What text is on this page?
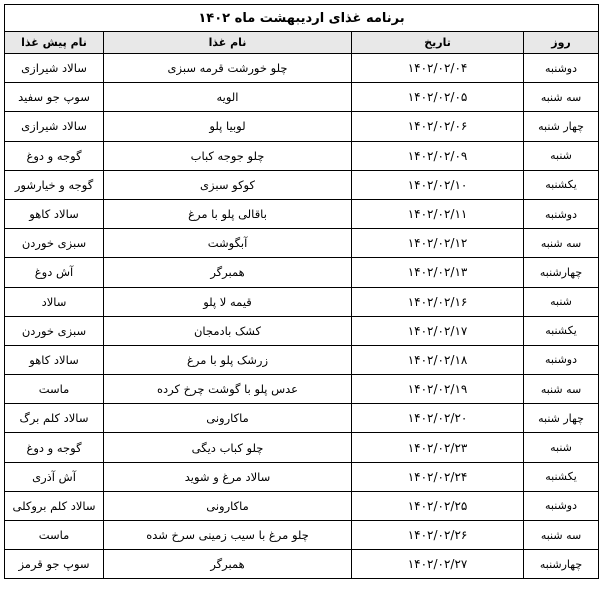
برنامه غذای اردیبهشت ماه ۱۴۰۲			
روز	تاریخ	نام غذا	نام پیش غذا
دوشنبه	۱۴۰۲/۰۲/۰۴	چلو خورشت قرمه سبزی	سالاد شیرازی
سه شنبه	۱۴۰۲/۰۲/۰۵	الویه	سوپ جو سفید
چهار شنبه	۱۴۰۲/۰۲/۰۶	لوبیا پلو	سالاد شیرازی
شنبه	۱۴۰۲/۰۲/۰۹	چلو جوجه کباب	گوجه و دوغ
یکشنبه	۱۴۰۲/۰۲/۱۰	کوکو سبزی	گوجه و خیارشور
دوشنبه	۱۴۰۲/۰۲/۱۱	باقالی پلو با مرغ	سالاد کاهو
سه شنبه	۱۴۰۲/۰۲/۱۲	آبگوشت	سبزی خوردن
چهارشنبه	۱۴۰۲/۰۲/۱۳	همبرگر	آش دوغ
شنبه	۱۴۰۲/۰۲/۱۶	قیمه لا پلو	سالاد
یکشنبه	۱۴۰۲/۰۲/۱۷	کشک بادمجان	سبزی خوردن
دوشنبه	۱۴۰۲/۰۲/۱۸	زرشک پلو با مرغ	سالاد کاهو
سه شنبه	۱۴۰۲/۰۲/۱۹	عدس پلو با گوشت چرخ کرده	ماست
چهار شنبه	۱۴۰۲/۰۲/۲۰	ماکارونی	سالاد کلم برگ
شنبه	۱۴۰۲/۰۲/۲۳	چلو کباب دیگی	گوجه و دوغ
یکشنبه	۱۴۰۲/۰۲/۲۴	سالاد مرغ و شوید	آش آذری
دوشنبه	۱۴۰۲/۰۲/۲۵	ماکارونی	سالاد کلم بروکلی
سه شنبه	۱۴۰۲/۰۲/۲۶	چلو مرغ با سیب زمینی سرخ شده	ماست
چهارشنبه	۱۴۰۲/۰۲/۲۷	همبرگر	سوپ جو قرمز
